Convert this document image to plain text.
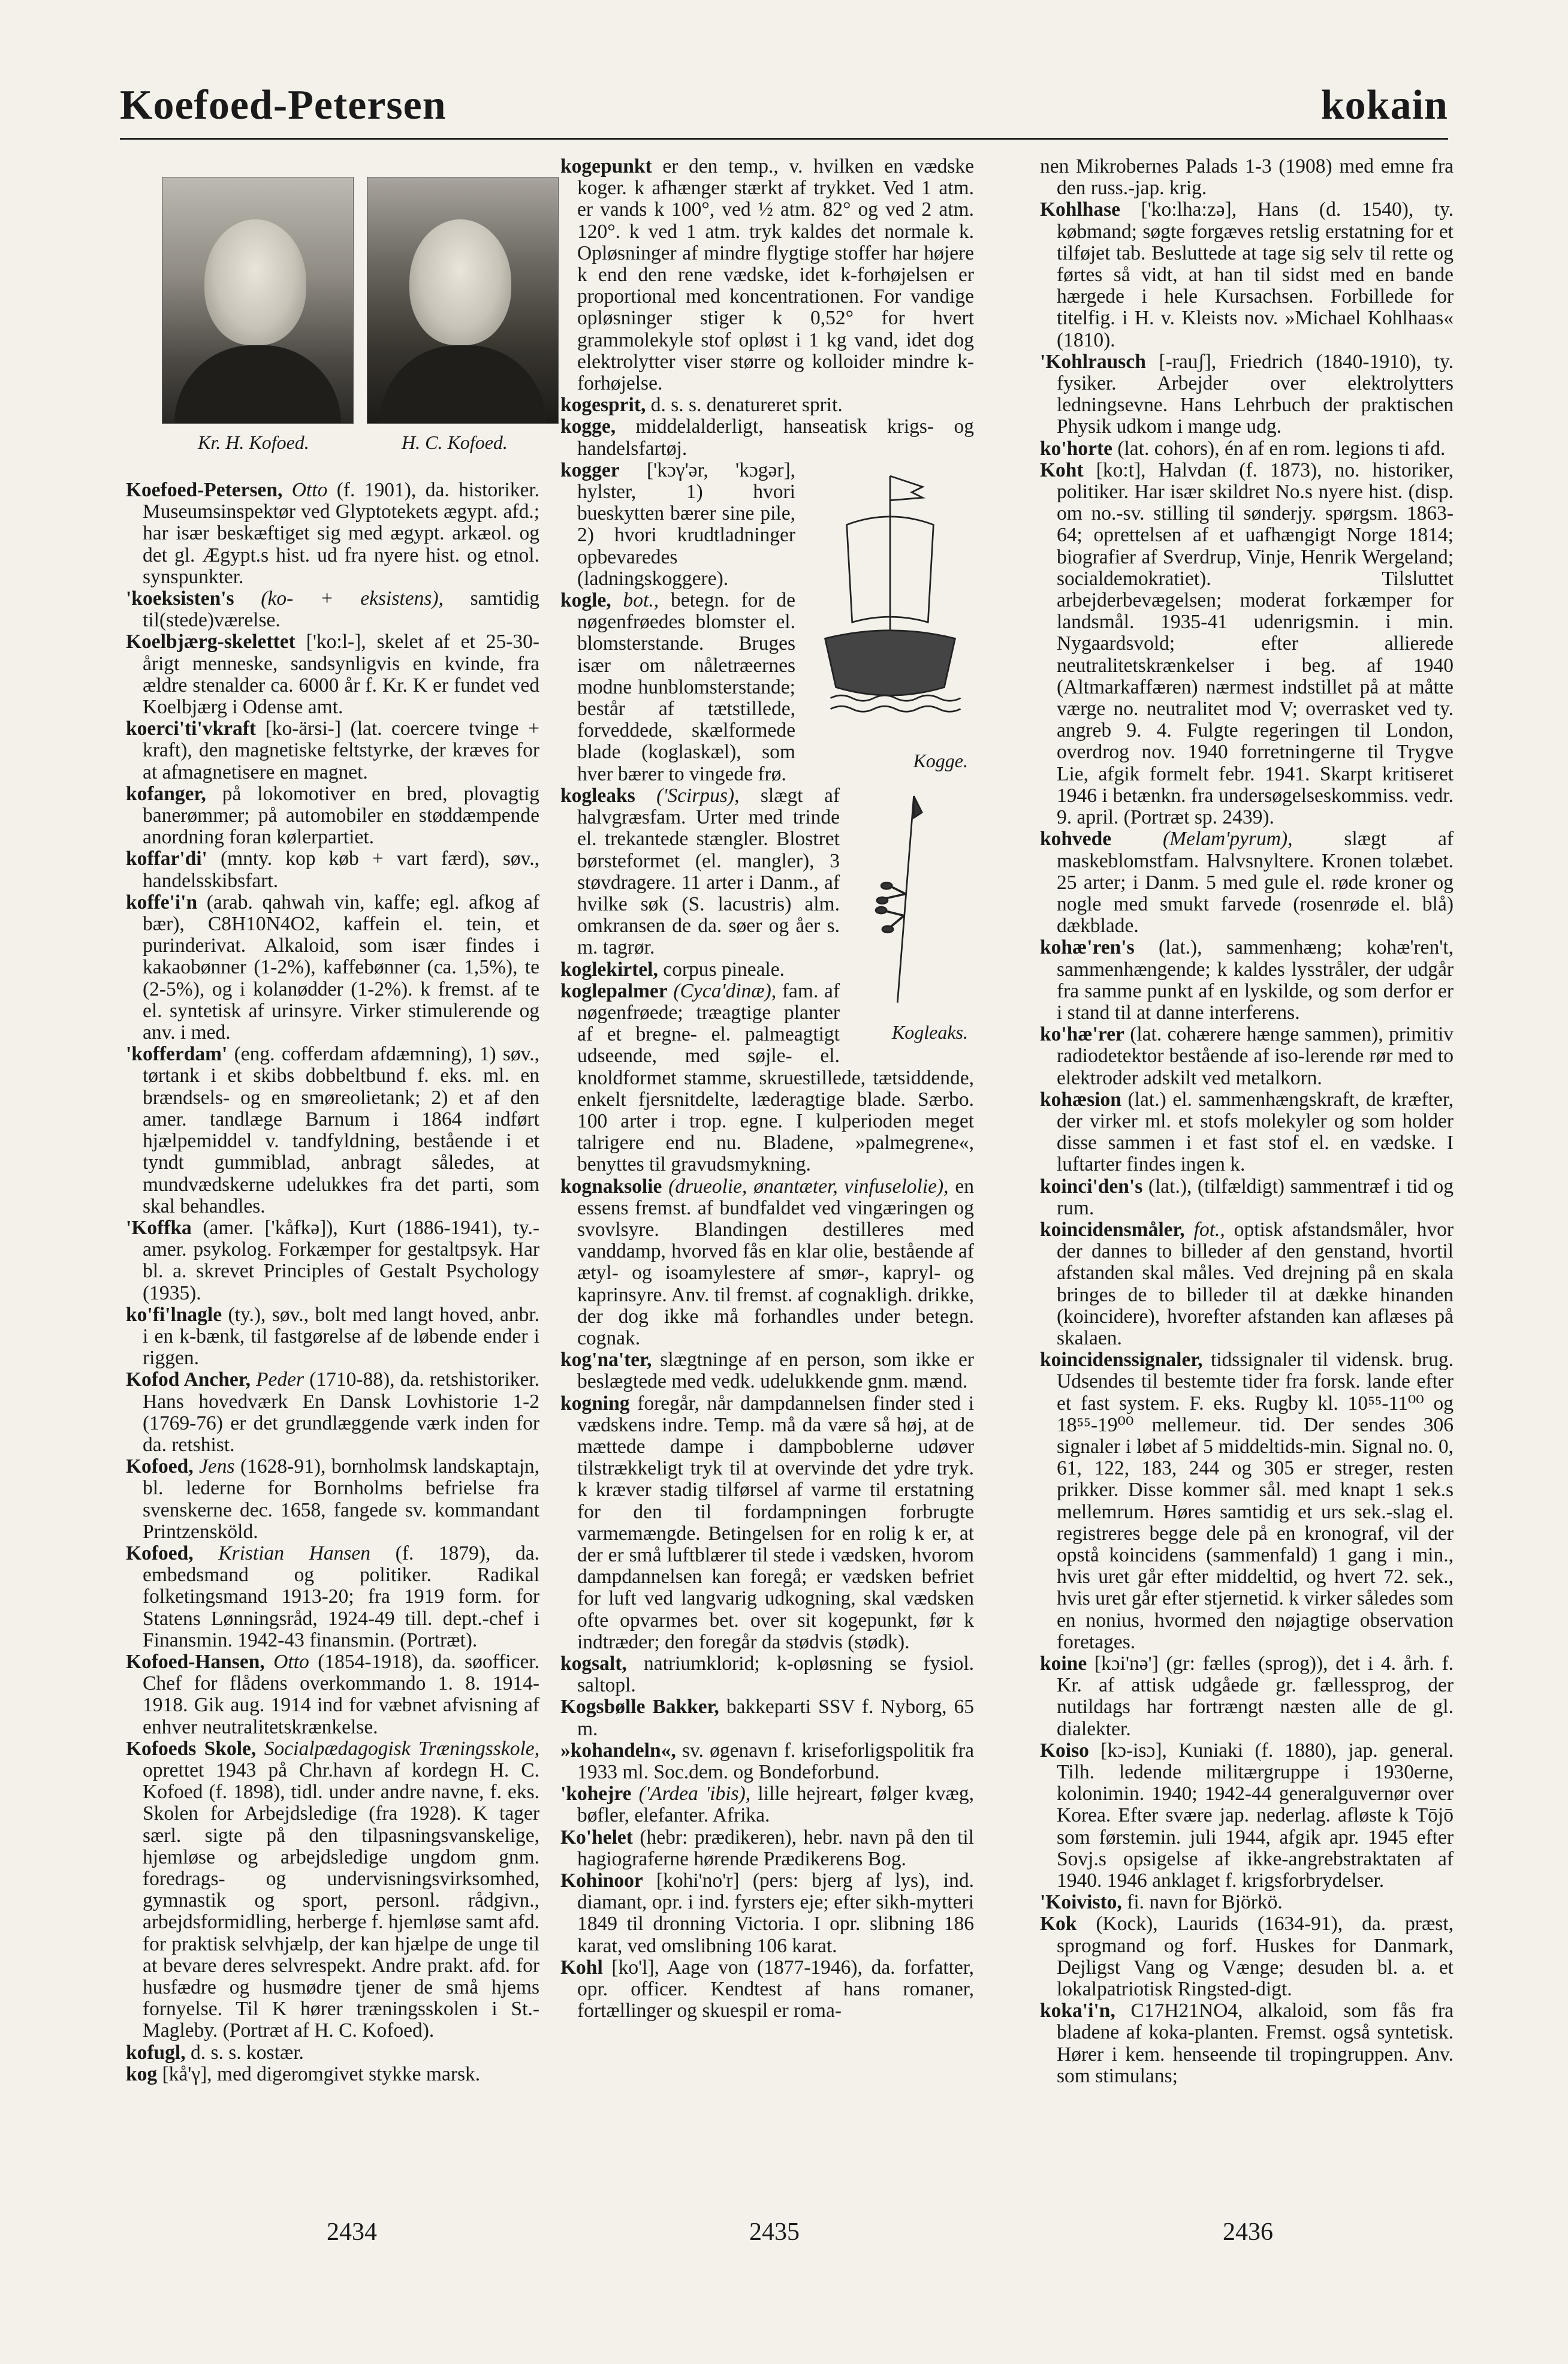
Koefoed-Petersen	kokain
Kr. H. Kofoed.	H. C. Kofoed.

Koefoed-Petersen, Otto (f. 1901), da. historiker. Museumsinspektør ved Glyptotekets ægypt. afd.; har især beskæftiget sig med ægypt. arkæol. og det gl. Ægypt.s hist. ud fra nyere hist. og etnol. synspunkter.

'koeksisten's (ko- + eksistens), samtidig til(stede)værelse.

Koelbjærg-skelettet ['ko:l-], skelet af et 25-30-årigt menneske, sandsynligvis en kvinde, fra ældre stenalder ca. 6000 år f. Kr. K er fundet ved Koelbjærg i Odense amt.

koerci'ti'vkraft [ko-ärsi-] (lat. coercere tvinge + kraft), den magnetiske feltstyrke, der kræves for at afmagnetisere en magnet.

kofanger, på lokomotiver en bred, plovagtig banerømmer; på automobiler en støddæmpende anordning foran kølerpartiet.

koffar'di' (mnty. kop køb + vart færd), søv., handelsskibsfart.

koffe'i'n (arab. qahwah vin, kaffe; egl. afkog af bær), C8H10N4O2, kaffein el. tein, et purinderivat. Alkaloid, som især findes i kakaobønner (1-2%), kaffebønner (ca. 1,5%), te (2-5%), og i kolanødder (1-2%). k fremst. af te el. syntetisk af urinsyre. Virker stimulerende og anv. i med.

'kofferdam' (eng. cofferdam afdæmning), 1) søv., tørtank i et skibs dobbeltbund f. eks. ml. en brændsels- og en smøreolietank; 2) et af den amer. tandlæge Barnum i 1864 indført hjælpemiddel v. tandfyldning, bestående i et tyndt gummiblad, anbragt således, at mundvædskerne udelukkes fra det parti, som skal behandles.

'Koffka (amer. ['kåfkə]), Kurt (1886-1941), ty.-amer. psykolog. Forkæmper for gestaltpsyk. Har bl. a. skrevet Principles of Gestalt Psychology (1935).

ko'fi'lnagle (ty.), søv., bolt med langt hoved, anbr. i en k-bænk, til fastgørelse af de løbende ender i riggen.

Kofod Ancher, Peder (1710-88), da. retshistoriker. Hans hovedværk En Dansk Lovhistorie 1-2 (1769-76) er det grundlæggende værk inden for da. retshist.

Kofoed, Jens (1628-91), bornholmsk landskaptajn, bl. lederne for Bornholms befrielse fra svenskerne dec. 1658, fangede sv. kommandant Printzensköld.

Kofoed, Kristian Hansen (f. 1879), da. embedsmand og politiker. Radikal folketingsmand 1913-20; fra 1919 form. for Statens Lønningsråd, 1924-49 till. dept.-chef i Finansmin. 1942-43 finansmin. (Portræt).

Kofoed-Hansen, Otto (1854-1918), da. søofficer. Chef for flådens overkommando 1. 8. 1914-1918. Gik aug. 1914 ind for væbnet afvisning af enhver neutralitetskrænkelse.

Kofoeds Skole, Socialpædagogisk Træningsskole, oprettet 1943 på Chr.havn af kordegn H. C. Kofoed (f. 1898), tidl. under andre navne, f. eks. Skolen for Arbejdsledige (fra 1928). K tager særl. sigte på den tilpasningsvanskelige, hjemløse og arbejdsledige ungdom gnm. foredrags- og undervisningsvirksomhed, gymnastik og sport, personl. rådgivn., arbejdsformidling, herberge f. hjemløse samt afd. for praktisk selvhjælp, der kan hjælpe de unge til at bevare deres selvrespekt. Andre prakt. afd. for husfædre og husmødre tjener de små hjems fornyelse. Til K hører træningsskolen i St.-Magleby. (Portræt af H. C. Kofoed).

kofugl, d. s. s. kostær.

kog [kå'γ], med digeromgivet stykke marsk.

kogepunkt er den temp., v. hvilken en vædske koger. k afhænger stærkt af trykket. Ved 1 atm. er vands k 100°, ved ½ atm. 82° og ved 2 atm. 120°. k ved 1 atm. tryk kaldes det normale k. Opløsninger af mindre flygtige stoffer har højere k end den rene vædske, idet k-forhøjelsen er proportional med koncentrationen. For vandige opløsninger stiger k 0,52° for hvert grammolekyle stof opløst i 1 kg vand, idet dog elektrolytter viser større og kolloider mindre k-forhøjelse.

kogesprit, d. s. s. denatureret sprit.

kogge, middelalderligt, hanseatisk krigs- og handelsfartøj.

Kogge.

kogger ['kɔγ'ər, 'kɔgər], hylster, 1) hvori bueskytten bærer sine pile, 2) hvori krudtladninger opbevaredes (ladningskoggere).

kogle, bot., betegn. for de nøgenfrøedes blomster el. blomsterstande. Bruges især om nåletræernes modne hunblomsterstande; består af tætstillede, forveddede, skælformede blade (koglaskæl), som hver bærer to vingede frø.

Kogleaks.

kogleaks ('Scirpus), slægt af halvgræsfam. Urter med trinde el. trekantede stængler. Blostret børsteformet (el. mangler), 3 støvdragere. 11 arter i Danm., af hvilke søk (S. lacustris) alm. omkransen de da. søer og åer s. m. tagrør.

koglekirtel, corpus pineale.

koglepalmer (Cyca'dinæ), fam. af nøgenfrøede; træagtige planter af et bregne- el. palmeagtigt udseende, med søjle- el. knoldformet stamme, skruestillede, tætsiddende, enkelt fjersnitdelte, læderagtige blade. Særbo. 100 arter i trop. egne. I kulperioden meget talrigere end nu. Bladene, »palmegrene«, benyttes til gravudsmykning.

kognaksolie (drueolie, ønantæter, vinfuselolie), en essens fremst. af bundfaldet ved vingæringen og svovlsyre. Blandingen destilleres med vanddamp, hvorved fås en klar olie, bestående af ætyl- og isoamylestere af smør-, kapryl- og kaprinsyre. Anv. til fremst. af cognakligh. drikke, der dog ikke må forhandles under betegn. cognak.

kog'na'ter, slægtninge af en person, som ikke er beslægtede med vedk. udelukkende gnm. mænd.

kogning foregår, når dampdannelsen finder sted i vædskens indre. Temp. må da være så høj, at de mættede dampe i dampboblerne udøver tilstrækkeligt tryk til at overvinde det ydre tryk. k kræver stadig tilførsel af varme til erstatning for den til fordampningen forbrugte varmemængde. Betingelsen for en rolig k er, at der er små luftblærer til stede i vædsken, hvorom dampdannelsen kan foregå; er vædsken befriet for luft ved langvarig udkogning, skal vædsken ofte opvarmes bet. over sit kogepunkt, før k indtræder; den foregår da stødvis (stødk).

kogsalt, natriumklorid; k-opløsning se fysiol. saltopl.

Kogsbølle Bakker, bakkeparti SSV f. Nyborg, 65 m.

»kohandeln«, sv. øgenavn f. kriseforligspolitik fra 1933 ml. Soc.dem. og Bondeforbund.

'kohejre ('Ardea 'ibis), lille hejreart, følger kvæg, bøfler, elefanter. Afrika.

Ko'helet (hebr: prædikeren), hebr. navn på den til hagiograferne hørende Prædikerens Bog.

Kohinoor [kohi'no'r] (pers: bjerg af lys), ind. diamant, opr. i ind. fyrsters eje; efter sikh-mytteri 1849 til dronning Victoria. I opr. slibning 186 karat, ved omslibning 106 karat.

Kohl [ko'l], Aage von (1877-1946), da. forfatter, opr. officer. Kendtest af hans romaner, fortællinger og skuespil er roma-

nen Mikrobernes Palads 1-3 (1908) med emne fra den russ.-jap. krig.

Kohlhase ['ko:lha:zə], Hans (d. 1540), ty. købmand; søgte forgæves retslig erstatning for et tilføjet tab. Besluttede at tage sig selv til rette og førtes så vidt, at han til sidst med en bande hærgede i hele Kursachsen. Forbillede for titelfig. i H. v. Kleists nov. »Michael Kohlhaas« (1810).

'Kohlrausch [-rauʃ], Friedrich (1840-1910), ty. fysiker. Arbejder over elektrolytters ledningsevne. Hans Lehrbuch der praktischen Physik udkom i mange udg.

ko'horte (lat. cohors), én af en rom. legions ti afd.

Koht [ko:t], Halvdan (f. 1873), no. historiker, politiker. Har især skildret No.s nyere hist. (disp. om no.-sv. stilling til sønderjy. spørgsm. 1863-64; oprettelsen af et uafhængigt Norge 1814; biografier af Sverdrup, Vinje, Henrik Wergeland; socialdemokratiet). Tilsluttet arbejderbevægelsen; moderat forkæmper for landsmål. 1935-41 udenrigsmin. i min. Nygaardsvold; efter allierede neutralitetskrænkelser i beg. af 1940 (Altmarkaffæren) nærmest indstillet på at måtte værge no. neutralitet mod V; overrasket ved ty. angreb 9. 4. Fulgte regeringen til London, overdrog nov. 1940 forretningerne til Trygve Lie, afgik formelt febr. 1941. Skarpt kritiseret 1946 i betænkn. fra undersøgelseskommiss. vedr. 9. april. (Portræt sp. 2439).

kohvede	(Melam'pyrum),	slægt af maskeblomstfam. Halvsnyltere. Kronen tolæbet. 25 arter; i Danm. 5 med gule el. røde kroner og nogle med smukt farvede (rosenrøde el. blå) dækblade.

kohæ'ren's (lat.), sammenhæng; kohæ'ren't, sammenhængende; k kaldes lysstråler, der udgår fra samme punkt af en lyskilde, og som derfor er i stand til at danne interferens.

ko'hæ'rer (lat. cohærere hænge sammen), primitiv radiodetektor bestående af iso-lerende rør med to elektroder adskilt ved metalkorn.

kohæsion (lat.) el. sammenhængskraft, de kræfter, der virker ml. et stofs molekyler og som holder disse sammen i et fast stof el. en vædske. I luftarter findes ingen k.

koinci'den's (lat.), (tilfældigt) sammentræf i tid og rum.

koincidensmåler, fot., optisk afstandsmåler, hvor der dannes to billeder af den genstand, hvortil afstanden skal måles. Ved drejning på en skala bringes de to billeder til at dække hinanden (koincidere), hvorefter afstanden kan aflæses på skalaen.

koincidenssignaler, tidssignaler til vidensk. brug. Udsendes til bestemte tider fra forsk. lande efter et fast system. F. eks. Rugby kl. 10⁵⁵-11⁰⁰ og 18⁵⁵-19⁰⁰ mellemeur. tid. Der sendes 306 signaler i løbet af 5 middeltids-min. Signal no. 0, 61, 122, 183, 244 og 305 er streger, resten prikker. Disse kommer sål. med knapt 1 sek.s mellemrum. Høres samtidig et urs sek.-slag el. registreres begge dele på en kronograf, vil der opstå koincidens (sammenfald) 1 gang i min., hvis uret går efter middeltid, og hvert 72. sek., hvis uret går efter stjernetid. k virker således som en nonius, hvormed den nøjagtige observation foretages.

koine [kɔi'nə'] (gr: fælles (sprog)), det i 4. årh. f. Kr. af attisk udgåede gr. fællessprog, der nutildags har fortrængt næsten alle de gl. dialekter.

Koiso [kɔ-isɔ], Kuniaki (f. 1880), jap. general. Tilh. ledende militærgruppe i 1930erne, kolonimin. 1940; 1942-44 generalguvernør over Korea. Efter svære jap. nederlag. afløste k Tōjō som førstemin. juli 1944, afgik apr. 1945 efter Sovj.s opsigelse af ikke-angrebstraktaten af 1940. 1946 anklaget f. krigsforbrydelser.

'Koivisto, fi. navn for Björkö.

Kok (Kock), Laurids (1634-91), da. præst, sprogmand og forf. Huskes for Danmark, Dejligst Vang og Vænge; desuden bl. a. et lokalpatriotisk Ringsted-digt.

koka'i'n, C17H21NO4, alkaloid, som fås fra bladene af koka-planten. Fremst. også syntetisk. Hører i kem. henseende til tropingruppen. Anv. som stimulans;

2434	2435	2436
